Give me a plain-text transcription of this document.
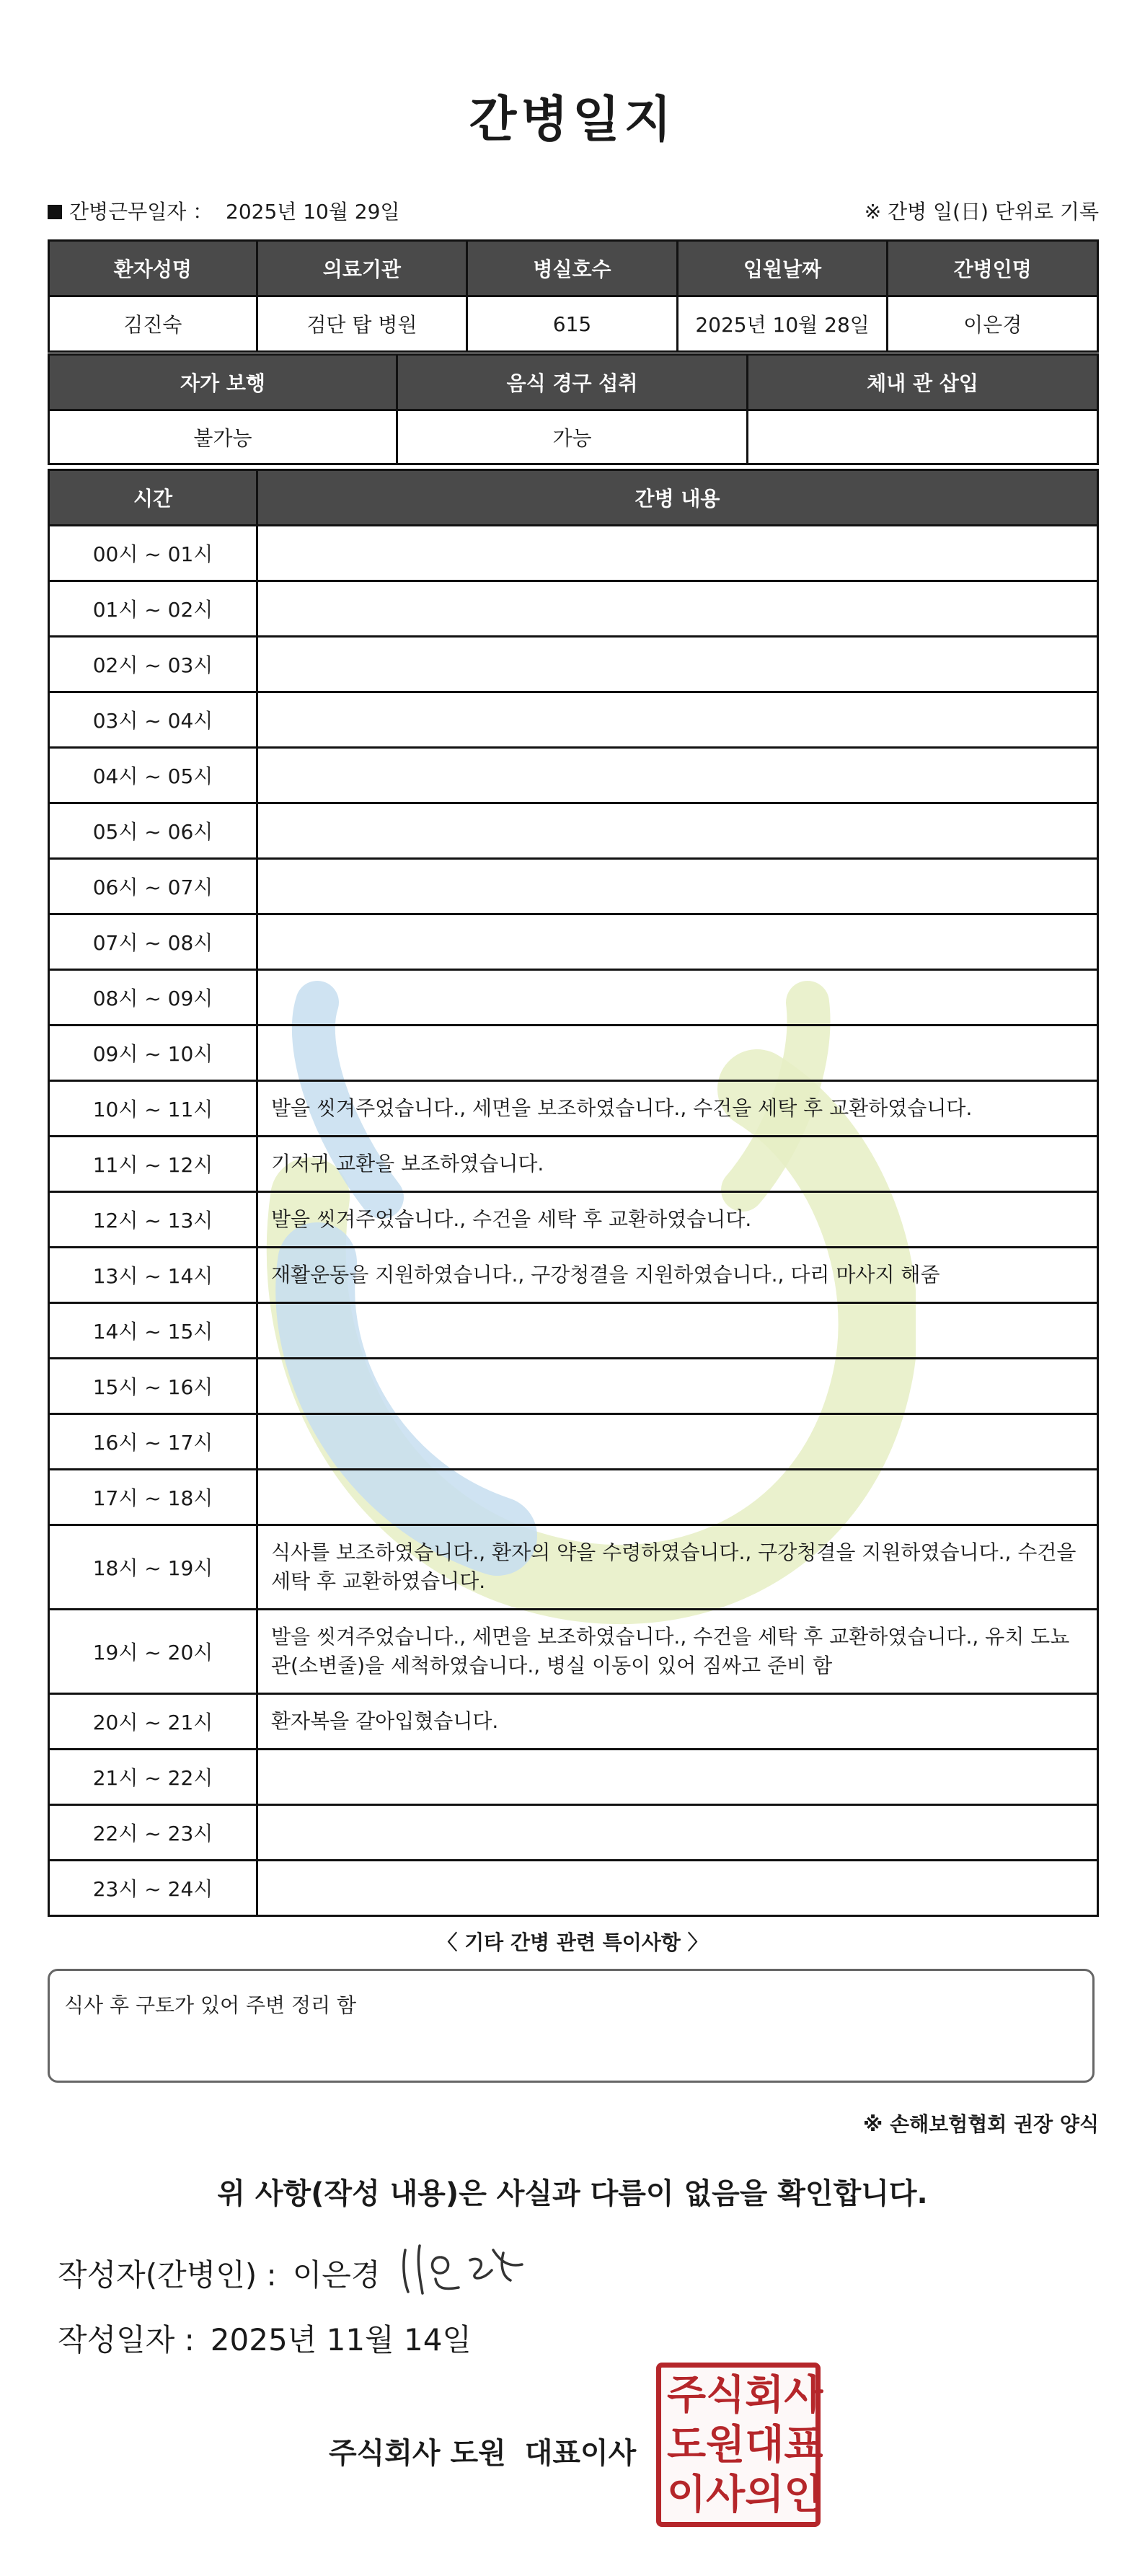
간병일지
간병근무일자 ： 2025년 10월 29일	※ 간병 일(日) 단위로 기록
환자성명	의료기관	병실호수	입원날짜	간병인명
김진숙	검단 탑 병원	615	2025년 10월 28일	이은경
자가 보행	음식 경구 섭취	체내 관 삽입
불가능	가능	
시간	간병 내용
00시 ~ 01시	
01시 ~ 02시	
02시 ~ 03시	
03시 ~ 04시	
04시 ~ 05시	
05시 ~ 06시	
06시 ~ 07시	
07시 ~ 08시	
08시 ~ 09시	
09시 ~ 10시	
10시 ~ 11시	발을 씻겨주었습니다., 세면을 보조하였습니다., 수건을 세탁 후 교환하였습니다.
11시 ~ 12시	기저귀 교환을 보조하였습니다.
12시 ~ 13시	발을 씻겨주었습니다., 수건을 세탁 후 교환하였습니다.
13시 ~ 14시	재활운동을 지원하였습니다., 구강청결을 지원하였습니다., 다리 마사지 해줌
14시 ~ 15시	
15시 ~ 16시	
16시 ~ 17시	
17시 ~ 18시	
18시 ~ 19시	식사를 보조하였습니다., 환자의 약을 수령하였습니다., 구강청결을 지원하였습니다., 수건을 세탁 후 교환하였습니다.
19시 ~ 20시	발을 씻겨주었습니다., 세면을 보조하였습니다., 수건을 세탁 후 교환하였습니다., 유치 도뇨관(소변줄)을 세척하였습니다., 병실 이동이 있어 짐싸고 준비 함
20시 ~ 21시	환자복을 갈아입혔습니다.
21시 ~ 22시	
22시 ~ 23시	
23시 ~ 24시	
〈 기타 간병 관련 특이사항 〉
식사 후 구토가 있어 주변 정리 함
※ 손해보험협회 권장 양식
위 사항(작성 내용)은 사실과 다름이 없음을 확인합니다.
작성자(간병인) : 이은경
작성일자 : 2025년 11월 14일
주식회사 도원 대표이사
주 식 회 사
도 원 대 표
이 사 의 인
